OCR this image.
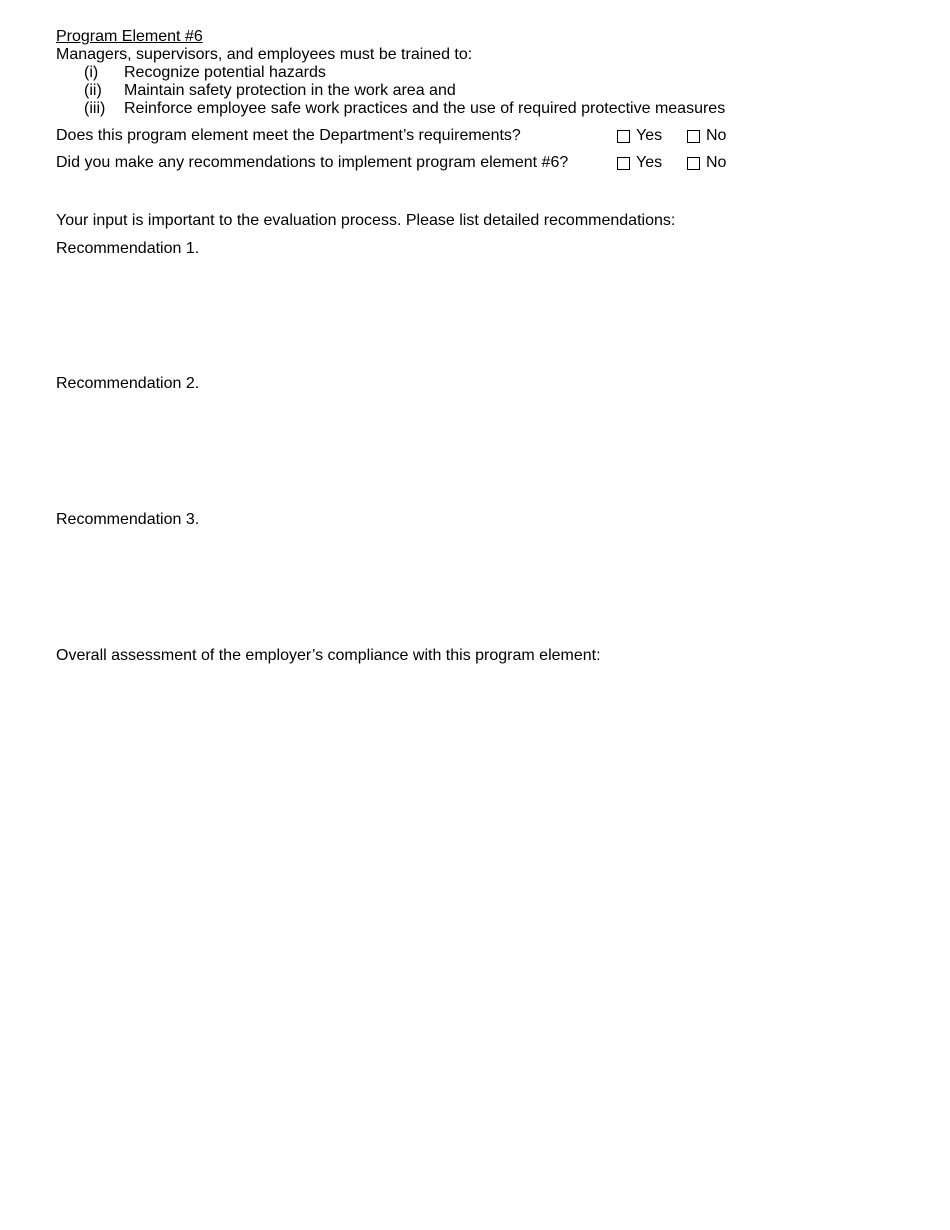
Program Element #6
Managers, supervisors, and employees must be trained to:
(i) Recognize potential hazards
(ii) Maintain safety protection in the work area and
(iii) Reinforce employee safe work practices and the use of required protective measures
Does this program element meet the Department’s requirements?	Yes	No
Did you make any recommendations to implement program element #6?	Yes	No
Your input is important to the evaluation process. Please list detailed recommendations:
Recommendation 1.
Recommendation 2.
Recommendation 3.
Overall assessment of the employer’s compliance with this program element:
